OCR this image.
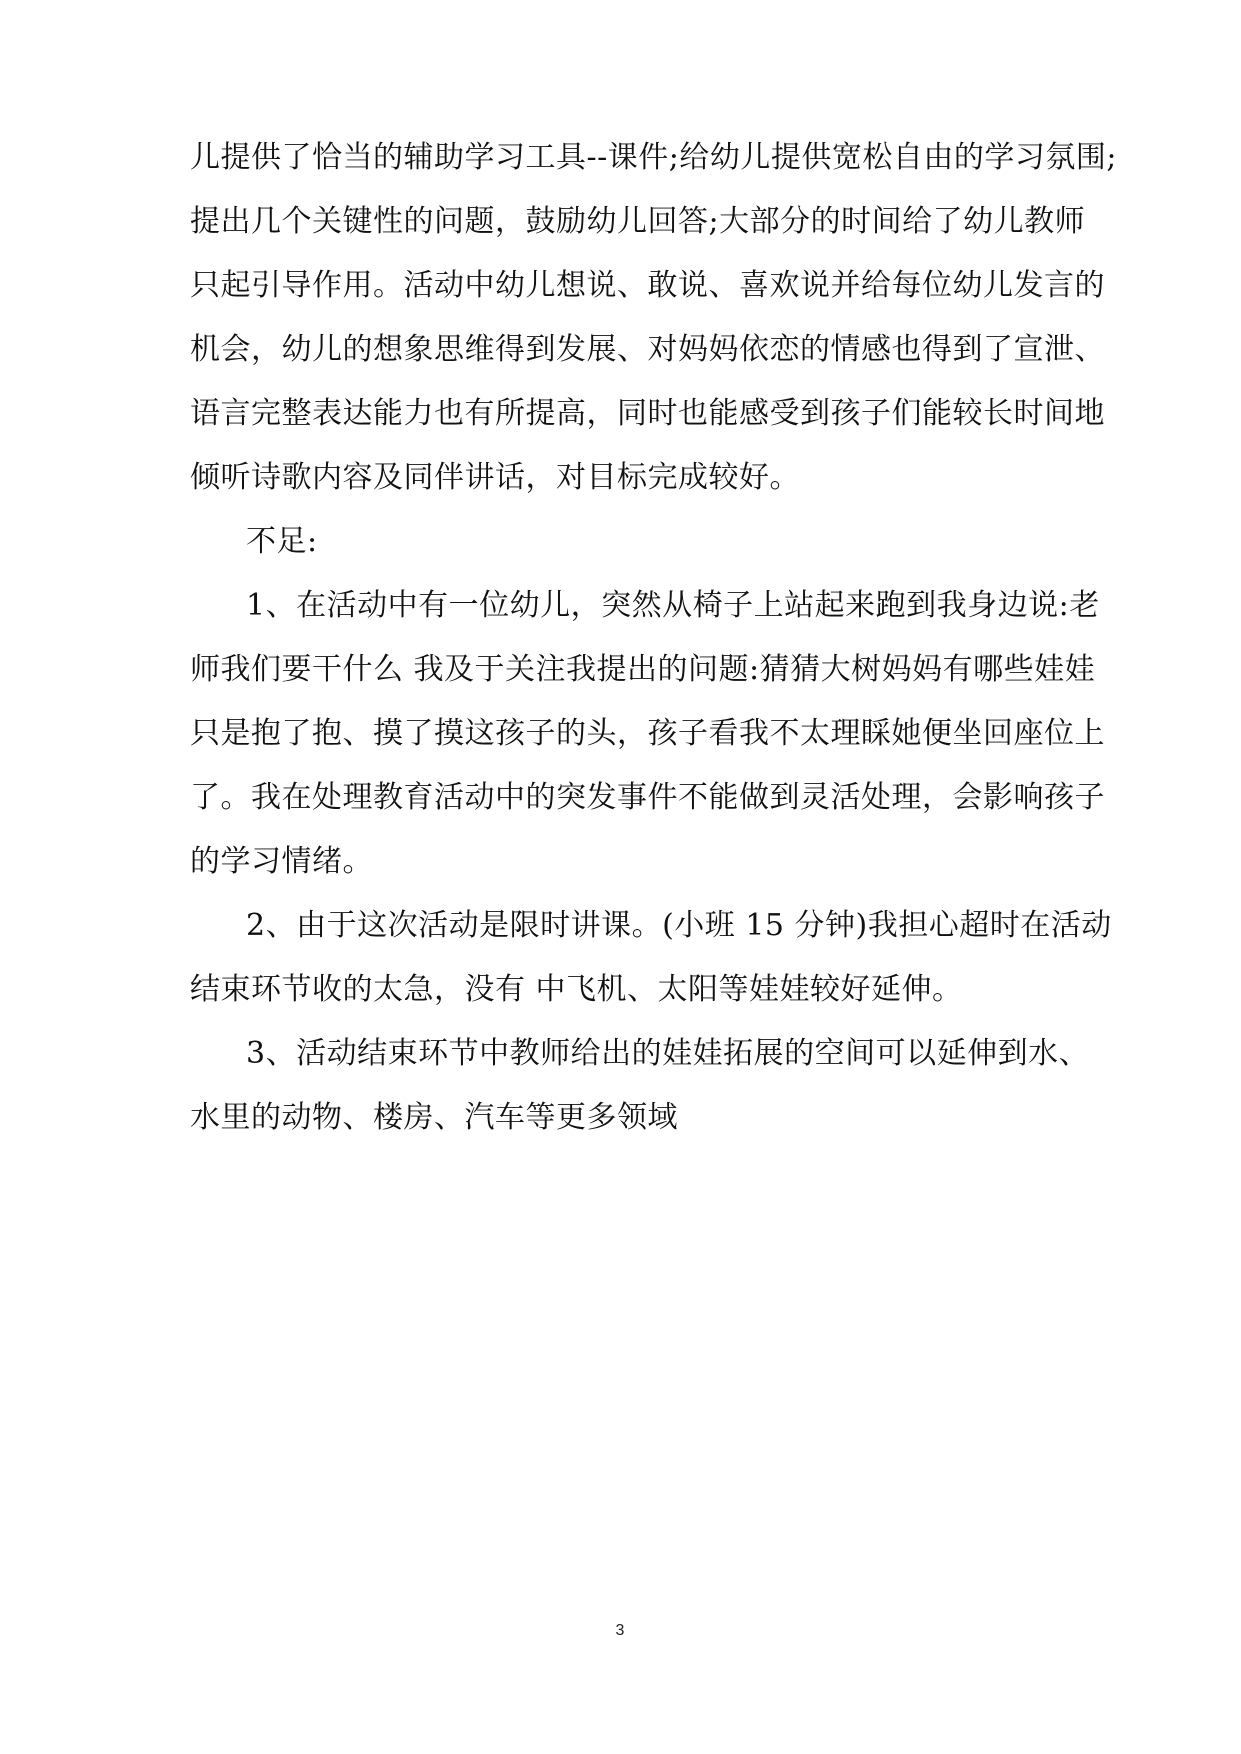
儿提供了恰当的辅助学习工具--课件;给幼儿提供宽松自由的学习氛围;
提出几个关键性的问题，鼓励幼儿回答;大部分的时间给了幼儿教师
只起引导作用。活动中幼儿想说、敢说、喜欢说并给每位幼儿发言的
机会，幼儿的想象思维得到发展、对妈妈依恋的情感也得到了宣泄、
语言完整表达能力也有所提高，同时也能感受到孩子们能较长时间地
倾听诗歌内容及同伴讲话，对目标完成较好。
不足:
1、在活动中有一位幼儿，突然从椅子上站起来跑到我身边说:老
师我们要干什么 我及于关注我提出的问题:猜猜大树妈妈有哪些娃娃
只是抱了抱、摸了摸这孩子的头，孩子看我不太理睬她便坐回座位上
了。我在处理教育活动中的突发事件不能做到灵活处理，会影响孩子
的学习情绪。
2、由于这次活动是限时讲课。(小班 15 分钟)我担心超时在活动
结束环节收的太急，没有 中飞机、太阳等娃娃较好延伸。
3、活动结束环节中教师给出的娃娃拓展的空间可以延伸到水、
水里的动物、楼房、汽车等更多领域
3
